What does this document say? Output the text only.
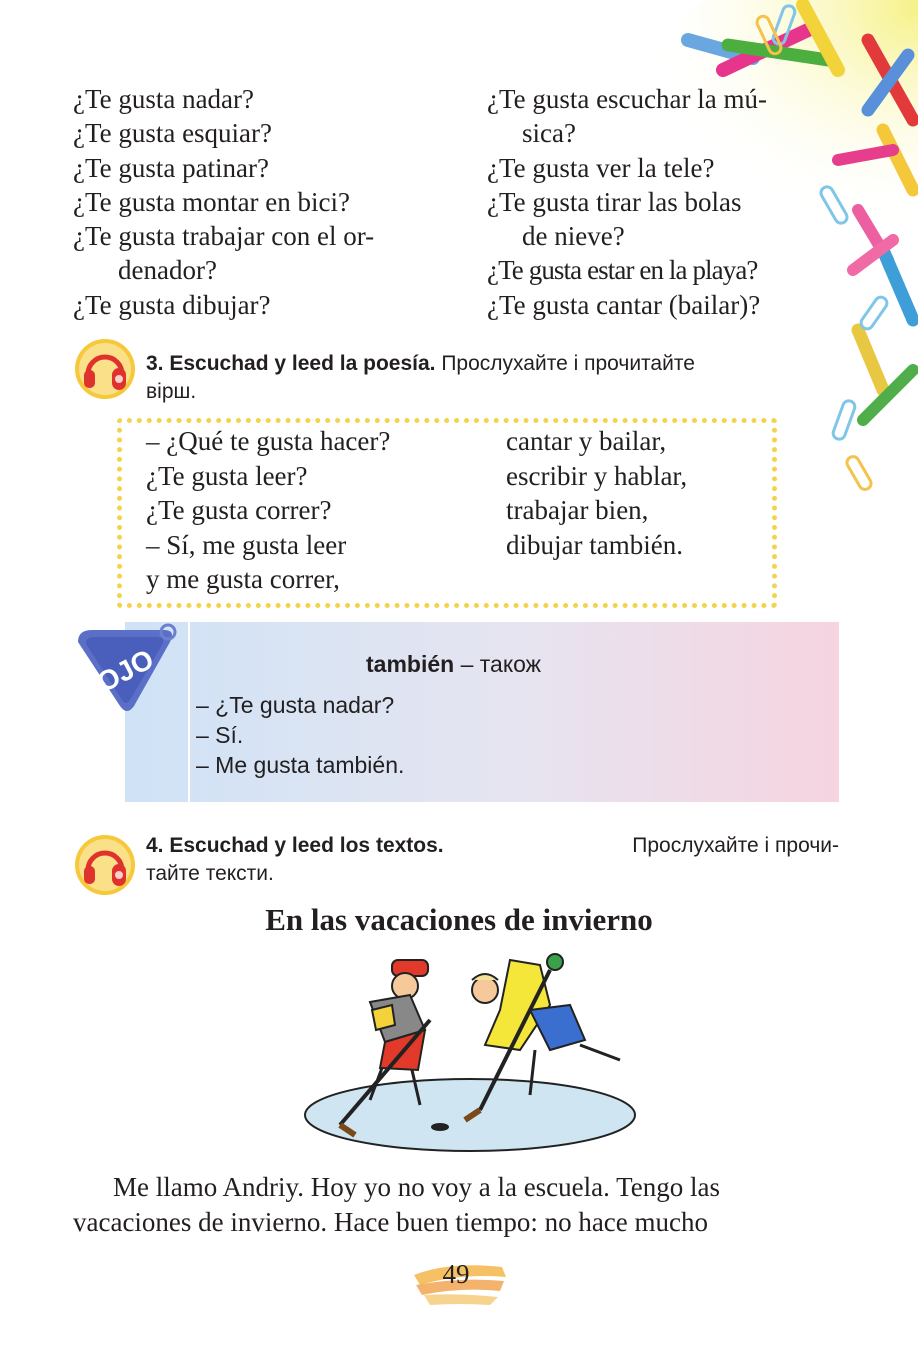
¿Te gusta nadar?
¿Te gusta esquiar?
¿Te gusta patinar?
¿Te gusta montar en bici?
¿Te gusta trabajar con el or-
denador?
¿Te gusta dibujar?
¿Te gusta escuchar la mú-
sica?
¿Te gusta ver la tele?
¿Te gusta tirar las bolas
de nieve?
¿Te gusta estar en la playa?
¿Te gusta cantar (bailar)?
3. Escuchad y leed la poesía. Прослухайте і прочитайте
вірш.
– ¿Qué te gusta hacer?
¿Te gusta leer?
¿Te gusta correr?
– Sí, me gusta leer
y me gusta correr,
cantar y bailar,
escribir y hablar,
trabajar bien,
dibujar también.
OJO	también – також
– ¿Te gusta nadar?
– Sí.
– Me gusta también.
4. Escuchad y leed los textos.	Прослухайте і прочи-
тайте тексти.
En las vacaciones de invierno
Me llamo Andriy. Hoy yo no voy a la escuela. Tengo las
vacaciones de invierno. Hace buen tiempo: no hace mucho
49
